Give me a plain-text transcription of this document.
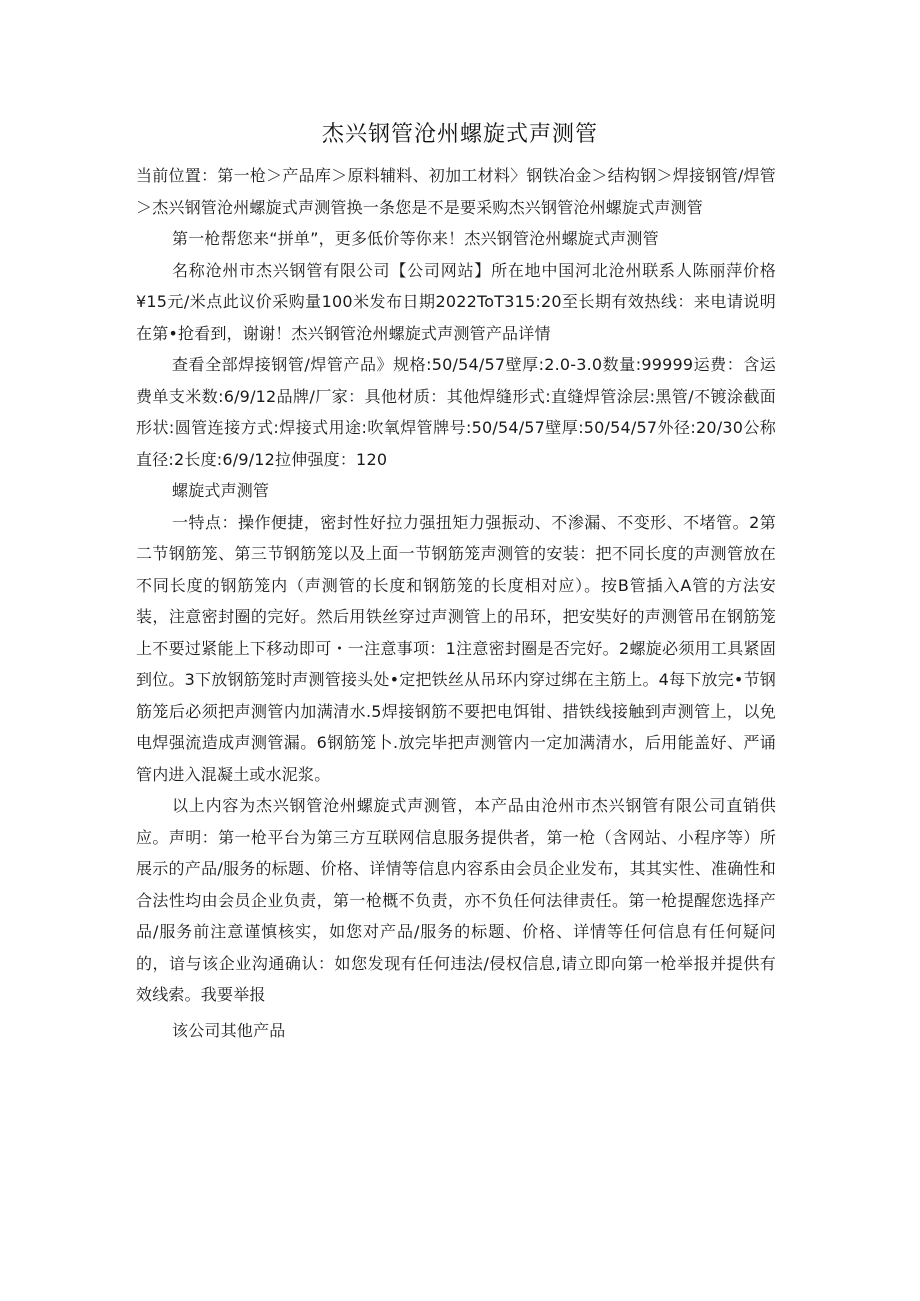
杰兴钢管沧州螺旋式声测管

当前位置：第一枪＞产品库＞原料辅料、初加工材料〉钢铁冶金＞结构钢＞焊接钢管/焊管＞杰兴钢管沧州螺旋式声测管换一条您是不是要采购杰兴钢管沧州螺旋式声测管

第一枪帮您来“拼单”，更多低价等你来！杰兴钢管沧州螺旋式声测管

名称沧州市杰兴钢管有限公司【公司网站】所在地中国河北沧州联系人陈丽萍价格¥15元/米点此议价采购量100米发布日期2022ToT315:20至长期有效热线：来电请说明在第•抢看到，谢谢！杰兴钢管沧州螺旋式声测管产品详情

查看全部焊接钢管/焊管产品》规格:50/54/57壁厚:2.0-3.0数量:99999运费：含运费单支米数:6/9/12品牌/厂家：具他材质：其他焊缝形式:直缝焊管涂层:黑管/不镀涂截面形状:圆管连接方式:焊接式用途:吹氧焊管牌号:50/54/57壁厚:50/54/57外径:20/30公称直径:2长度:6/9/12拉伸强度：120

螺旋式声测管

一特点：操作便捷，密封性好拉力强扭矩力强振动、不渗漏、不变形、不堵管。2第二节钢筋笼、第三节钢筋笼以及上面一节钢筋笼声测管的安装：把不同长度的声测管放在不同长度的钢筋笼内（声测管的长度和钢筋笼的长度相对应）。按B管插入A管的方法安装，注意密封圈的完好。然后用铁丝穿过声测管上的吊环，把安奘好的声测管吊在钢筋笼上不要过紧能上下移动即可・一注意事项：1注意密封圈是否完好。2螺旋必须用工具紧固到位。3下放钢筋笼时声测管接头处•定把铁丝从吊环内穿过绑在主筋上。4每下放完•节钢筋笼后必须把声测管内加满清水.5焊接钢筋不要把电饵钳、措铁线接触到声测管上，以免电焊强流造成声测管漏。6钢筋笼卜.放完毕把声测管内一定加满清水，后用能盖好、严诵管内进入混凝土或水泥浆。

以上内容为杰兴钢管沧州螺旋式声测管，本产品由沧州市杰兴钢管有限公司直销供应。声明：第一枪平台为第三方互联网信息服务提供者，第一枪（含网站、小程序等）所展示的产品/服务的标题、价格、详情等信息内容系由会员企业发布，其其实性、准确性和合法性均由会员企业负责，第一枪概不负责，亦不负任何法律责任。第一枪提醒您选择产品/服务前注意谨慎核实，如您对产品/服务的标题、价格、详情等任何信息有任何疑问的，谙与该企业沟通确认：如您发现有任何违法/侵权信息,请立即向第一枪举报并提供有效线索。我要举报

该公司其他产品
